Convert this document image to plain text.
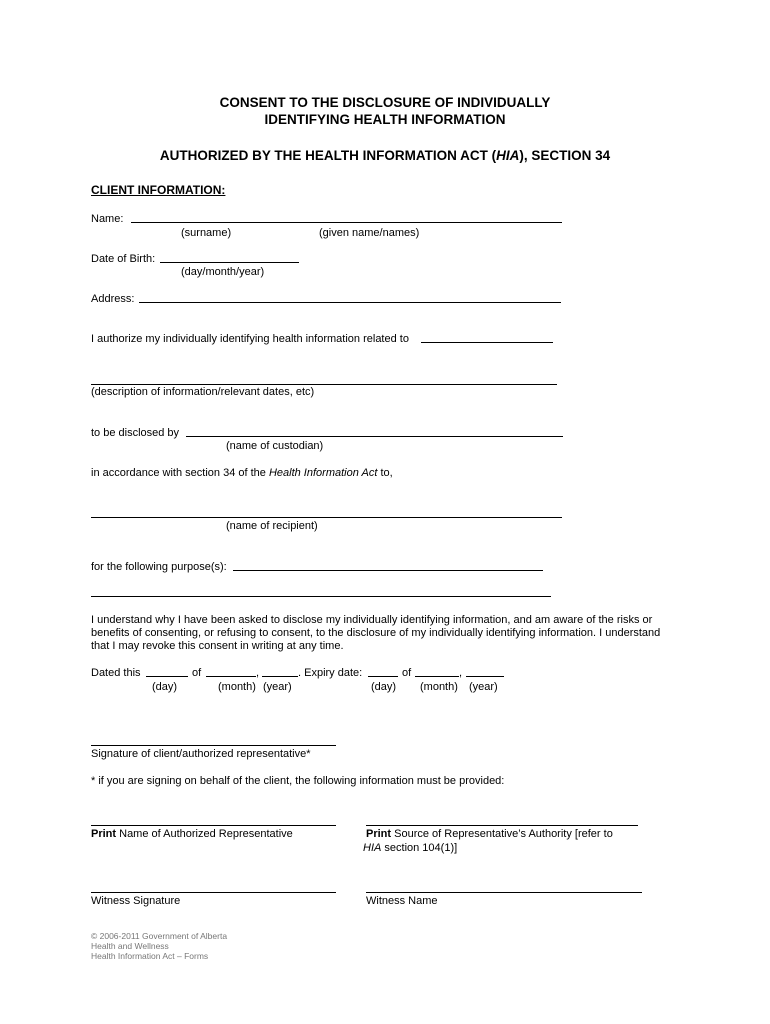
CONSENT TO THE DISCLOSURE OF INDIVIDUALLY
IDENTIFYING HEALTH INFORMATION
AUTHORIZED BY THE HEALTH INFORMATION ACT (HIA), SECTION 34
CLIENT INFORMATION:
Name:
(surname)	(given name/names)
Date of Birth:
(day/month/year)
Address:
I authorize my individually identifying health information related to
(description of information/relevant dates, etc)
to be disclosed by
(name of custodian)
in accordance with section 34 of the Health Information Act to,
(name of recipient)
for the following purpose(s):
I understand why I have been asked to disclose my individually identifying information, and am aware of the risks or benefits of consenting, or refusing to consent, to the disclosure of my individually identifying information. I understand that I may revoke this consent in writing at any time.
Dated this	of	,	. Expiry date:	of	,
(day)	(month) (year)	(day) (month) (year)
Signature of client/authorized representative*
* if you are signing on behalf of the client, the following information must be provided:
Print Name of Authorized Representative	Print Source of Representative’s Authority [refer to
HIA section 104(1)]
Witness Signature	Witness Name
© 2006-2011 Government of Alberta
Health and Wellness
Health Information Act – Forms
